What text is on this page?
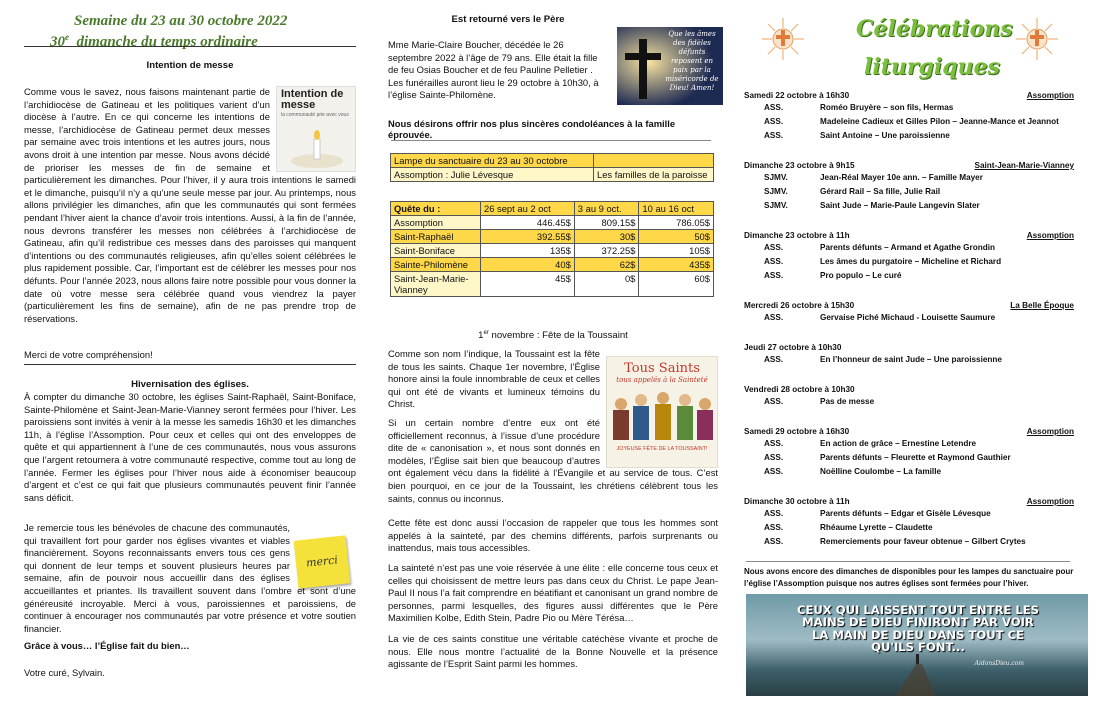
Semaine du 23 au 30 octobre 2022
30e dimanche du temps ordinaire
Intention de messe
Intention de messe
la communauté prie avec vous
Comme vous le savez, nous faisons maintenant partie de l’archidiocèse de Gatineau et les politiques varient d’un diocèse à l’autre. En ce qui concerne les intentions de messe, l’archidiocèse de Gatineau permet deux messes par semaine avec trois intentions et les autres jours, nous avons droit à une intention par messe. Nous avons décidé de prioriser les messes de fin de semaine et particulièrement les dimanches. Pour l’hiver, il y aura trois intentions le samedi et le dimanche, puisqu’il n’y a qu’une seule messe par jour. Au printemps, nous allons privilégier les dimanches, afin que les communautés qui sont fermées pendant l’hiver aient la chance d’avoir trois intentions. Aussi, à la fin de l’année, nous devrons transférer les messes non célébrées à l’archidiocèse de Gatineau, afin qu’il redistribue ces messes dans des paroisses qui manquent d’intentions ou des communautés religieuses, afin qu’elles soient célébrées le plus rapidement possible. Car, l’important est de célébrer les messes pour nos défunts. Pour l’année 2023, nous allons faire notre possible pour vous donner la date où votre messe sera célébrée quand vous viendrez la payer (particulièrement les fins de semaine), afin de ne pas prendre trop de réservations.
Merci de votre compréhension!
Hivernisation des églises.
À compter du dimanche 30 octobre, les églises Saint-Raphaël, Saint-Boniface, Sainte-Philomène et Saint-Jean-Marie-Vianney seront fermées pour l’hiver. Les paroissiens sont invités à venir à la messe les samedis 16h30 et les dimanches 11h, à l’église l’Assomption. Pour ceux et celles qui ont des enveloppes de quête et qui appartiennent à l’une de ces communautés, nous vous assurons que l’argent retournera à votre communauté respective, comme tout au long de l’année. Fermer les églises pour l’hiver nous aide à économiser beaucoup d’argent et c’est ce qui fait que plusieurs communautés peuvent finir l’année sans déficit.
merci
Je remercie tous les bénévoles de chacune des communautés, qui travaillent fort pour garder nos églises vivantes et viables financièrement. Soyons reconnaissants envers tous ces gens qui donnent de leur temps et souvent plusieurs heures par semaine, afin de pouvoir nous accueillir dans des églises accueillantes et priantes. Ils travaillent souvent dans l’ombre et sont d’une généreusité incroyable. Merci à vous, paroissiennes et paroissiens, de continuer à encourager nos communautés par votre présence et votre soutien financier.
Grâce à vous… l’Église fait du bien…
Votre curé, Sylvain.
Est retourné vers le Père
Mme Marie-Claire Boucher, décédée le 26 septembre 2022 à l’âge de 79 ans. Elle était la fille de feu Osias Boucher et de feu Pauline Pelletier . Les funérailles auront lieu le 29 octobre à 10h30, à l’église Sainte-Philomène.
Que les âmes des fidèles défunts reposent en paix par la miséricorde de Dieu! Amen!
Nous désirons offrir nos plus sincères condoléances à la famille éprouvée.
Lampe du sanctuaire du 23 au 30 octobre	
Assomption : Julie Lévesque	Les familles de la paroisse
Quête du :	26 sept au 2 oct	3 au 9 oct.	10 au 16 oct
Assomption	446.45$	809.15$	786.05$
Saint-Raphaël	392.55$	30$	50$
Saint-Boniface	135$	372.25$	105$
Sainte-Philomène	40$	62$	435$
Saint-Jean-Marie-Vianney	45$	0$	60$
1er novembre : Fête de la Toussaint
Tous Saints
tous appelés à la Sainteté
JOYEUSE FÊTE DE LA TOUSSAINT!
Comme son nom l’indique, la Toussaint est la fête de tous les saints. Chaque 1er novembre, l’Église honore ainsi la foule innombrable de ceux et celles qui ont été de vivants et lumineux témoins du Christ.
Si un certain nombre d’entre eux ont été officiellement reconnus, à l’issue d’une procédure dite de « canonisation », et nous sont donnés en modèles, l’Église sait bien que beaucoup d’autres ont également vécu dans la fidélité à l’Évangile et au service de tous. C’est bien pourquoi, en ce jour de la Toussaint, les chrétiens célèbrent tous les saints, connus ou inconnus.
Cette fête est donc aussi l’occasion de rappeler que tous les hommes sont appelés à la sainteté, par des chemins différents, parfois surprenants ou inattendus, mais tous accessibles.
La sainteté n’est pas une voie réservée à une élite : elle concerne tous ceux et celles qui choisissent de mettre leurs pas dans ceux du Christ. Le pape Jean-Paul II nous l’a fait comprendre en béatifiant et canonisant un grand nombre de personnes, parmi lesquelles, des figures aussi différentes que le Père Maximilien Kolbe, Edith Stein, Padre Pio ou Mère Térésa…
La vie de ces saints constitue une véritable catéchèse vivante et proche de nous. Elle nous montre l’actualité de la Bonne Nouvelle et la présence agissante de l’Esprit Saint parmi les hommes.
Célébrations
liturgiques
Samedi 22 octobre à 16h30	Assomption
ASS.	Roméo Bruyère – son fils, Hermas
ASS.	Madeleine Cadieux et Gilles Pilon – Jeanne-Mance et Jeannot
ASS.	Saint Antoine – Une paroissienne
Dimanche 23 octobre à 9h15	Saint-Jean-Marie-Vianney
SJMV.	Jean-Réal Mayer 10e ann. – Famille Mayer
SJMV.	Gérard Rail – Sa fille, Julie Rail
SJMV.	Saint Jude – Marie-Paule Langevin Slater
Dimanche 23 octobre à 11h	Assomption
ASS.	Parents défunts – Armand et Agathe Grondin
ASS.	Les âmes du purgatoire – Micheline et Richard
ASS.	Pro populo – Le curé
Mercredi 26 octobre à 15h30	La Belle Époque
ASS.	Gervaise Piché Michaud - Louisette Saumure
Jeudi 27 octobre à 10h30
ASS.	En l’honneur de saint Jude – Une paroissienne
Vendredi 28 octobre à 10h30
ASS.	Pas de messe
Samedi 29 octobre à 16h30	Assomption
ASS.	En action de grâce – Ernestine Letendre
ASS.	Parents défunts – Fleurette et Raymond Gauthier
ASS.	Noëlline Coulombe – La famille
Dimanche 30 octobre à 11h	Assomption
ASS.	Parents défunts – Edgar et Gisèle Lévesque
ASS.	Rhéaume Lyrette – Claudette
ASS.	Remerciements pour faveur obtenue – Gilbert Crytes
Nous avons encore des dimanches de disponibles pour les lampes du sanctuaire pour l’église l’Assomption puisque nos autres églises sont fermées pour l’hiver.
CEUX QUI LAISSENT TOUT ENTRE LES MAINS DE DIEU FINIRONT PAR VOIR LA MAIN DE DIEU DANS TOUT CE QU'ILS FONT...
AidonsDieu.com
